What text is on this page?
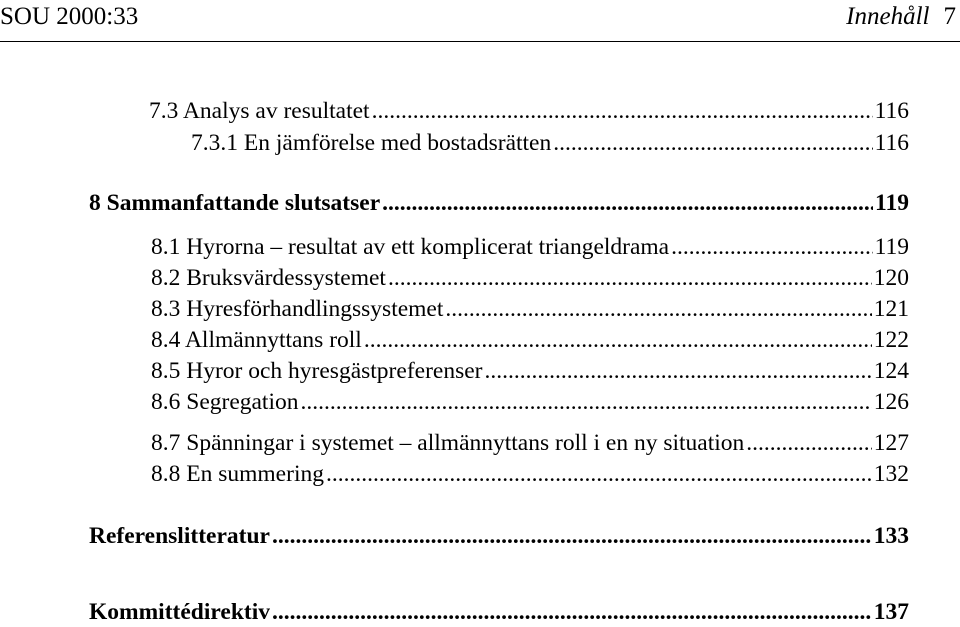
SOU 2000:33	Innehåll 7
7.3 Analys av resultatet .....	116
7.3.1 En jämförelse med bostadsrätten .....	116
8 Sammanfattande slutsatser .....	119
8.1 Hyrorna – resultat av ett komplicerat triangeldrama .....	119
8.2 Bruksvärdessystemet .....	120
8.3 Hyresförhandlingssystemet .....	121
8.4 Allmännyttans roll .....	122
8.5 Hyror och hyresgästpreferenser .....	124
8.6 Segregation .....	126
8.7 Spänningar i systemet – allmännyttans roll i en ny situation .....	127
8.8 En summering .....	132
Referenslitteratur .....	133
Kommittédirektiv .....	137
